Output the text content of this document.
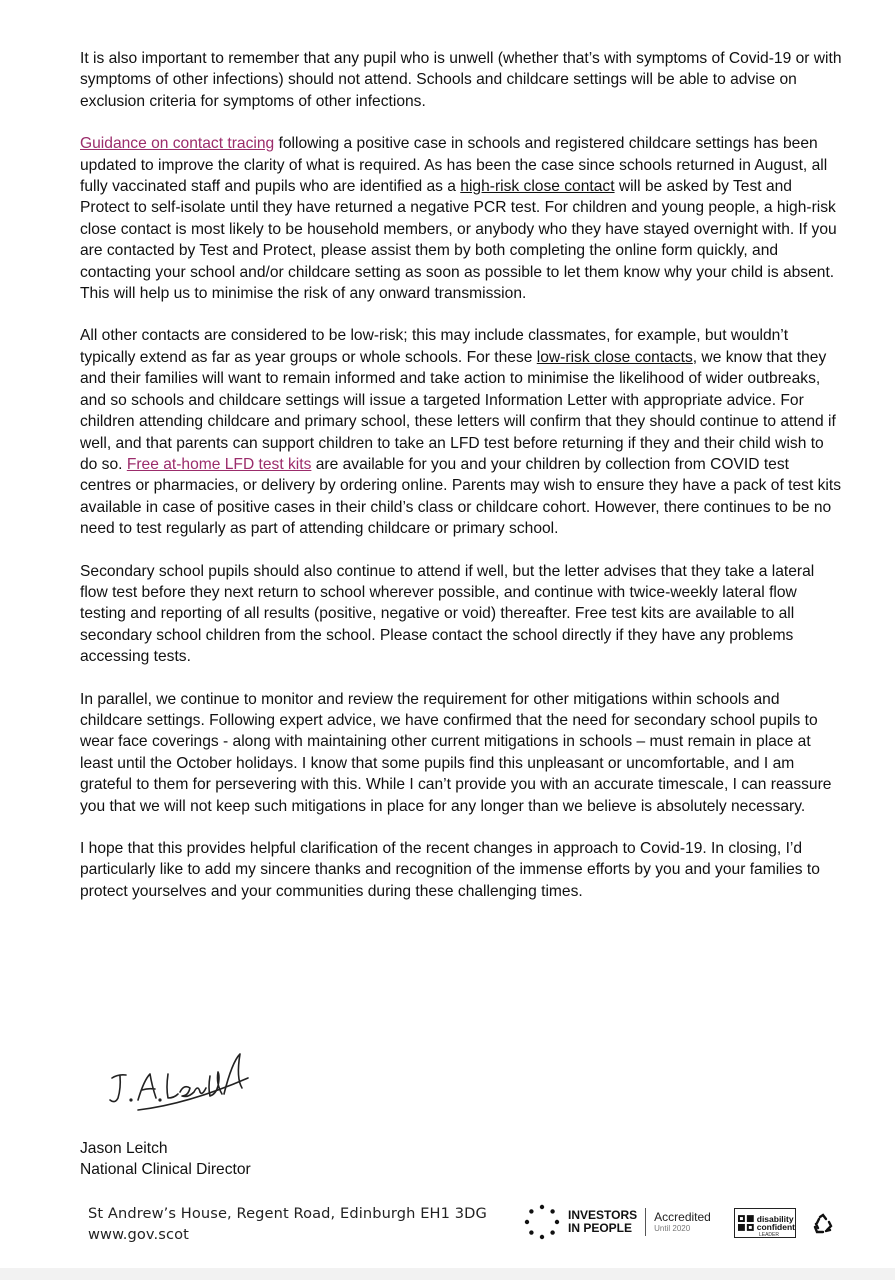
It is also important to remember that any pupil who is unwell (whether that’s with symptoms of Covid-19 or with symptoms of other infections) should not attend. Schools and childcare settings will be able to advise on exclusion criteria for symptoms of other infections.

Guidance on contact tracing following a positive case in schools and registered childcare settings has been updated to improve the clarity of what is required. As has been the case since schools returned in August, all fully vaccinated staff and pupils who are identified as a high-risk close contact will be asked by Test and Protect to self-isolate until they have returned a negative PCR test. For children and young people, a high-risk close contact is most likely to be household members, or anybody who they have stayed overnight with. If you are contacted by Test and Protect, please assist them by both completing the online form quickly, and contacting your school and/or childcare setting as soon as possible to let them know why your child is absent. This will help us to minimise the risk of any onward transmission.

All other contacts are considered to be low-risk; this may include classmates, for example, but wouldn’t typically extend as far as year groups or whole schools. For these low-risk close contacts, we know that they and their families will want to remain informed and take action to minimise the likelihood of wider outbreaks, and so schools and childcare settings will issue a targeted Information Letter with appropriate advice. For children attending childcare and primary school, these letters will confirm that they should continue to attend if well, and that parents can support children to take an LFD test before returning if they and their child wish to do so. Free at-home LFD test kits are available for you and your children by collection from COVID test centres or pharmacies, or delivery by ordering online. Parents may wish to ensure they have a pack of test kits available in case of positive cases in their child’s class or childcare cohort. However, there continues to be no need to test regularly as part of attending childcare or primary school.

Secondary school pupils should also continue to attend if well, but the letter advises that they take a lateral flow test before they next return to school wherever possible, and continue with twice-weekly lateral flow testing and reporting of all results (positive, negative or void) thereafter. Free test kits are available to all secondary school children from the school. Please contact the school directly if they have any problems accessing tests.

In parallel, we continue to monitor and review the requirement for other mitigations within schools and childcare settings. Following expert advice, we have confirmed that the need for secondary school pupils to wear face coverings - along with maintaining other current mitigations in schools – must remain in place at least until the October holidays. I know that some pupils find this unpleasant or uncomfortable, and I am grateful to them for persevering with this. While I can’t provide you with an accurate timescale, I can reassure you that we will not keep such mitigations in place for any longer than we believe is absolutely necessary.

I hope that this provides helpful clarification of the recent changes in approach to Covid-19. In closing, I’d particularly like to add my sincere thanks and recognition of the immense efforts by you and your families to protect yourselves and your communities during these challenging times.

Jason Leitch
National Clinical Director
St Andrew’s House, Regent Road, Edinburgh EH1 3DG
www.gov.scot
INVESTORS
IN PEOPLE
Accredited
Until 2020
disability
confident
LEADER
